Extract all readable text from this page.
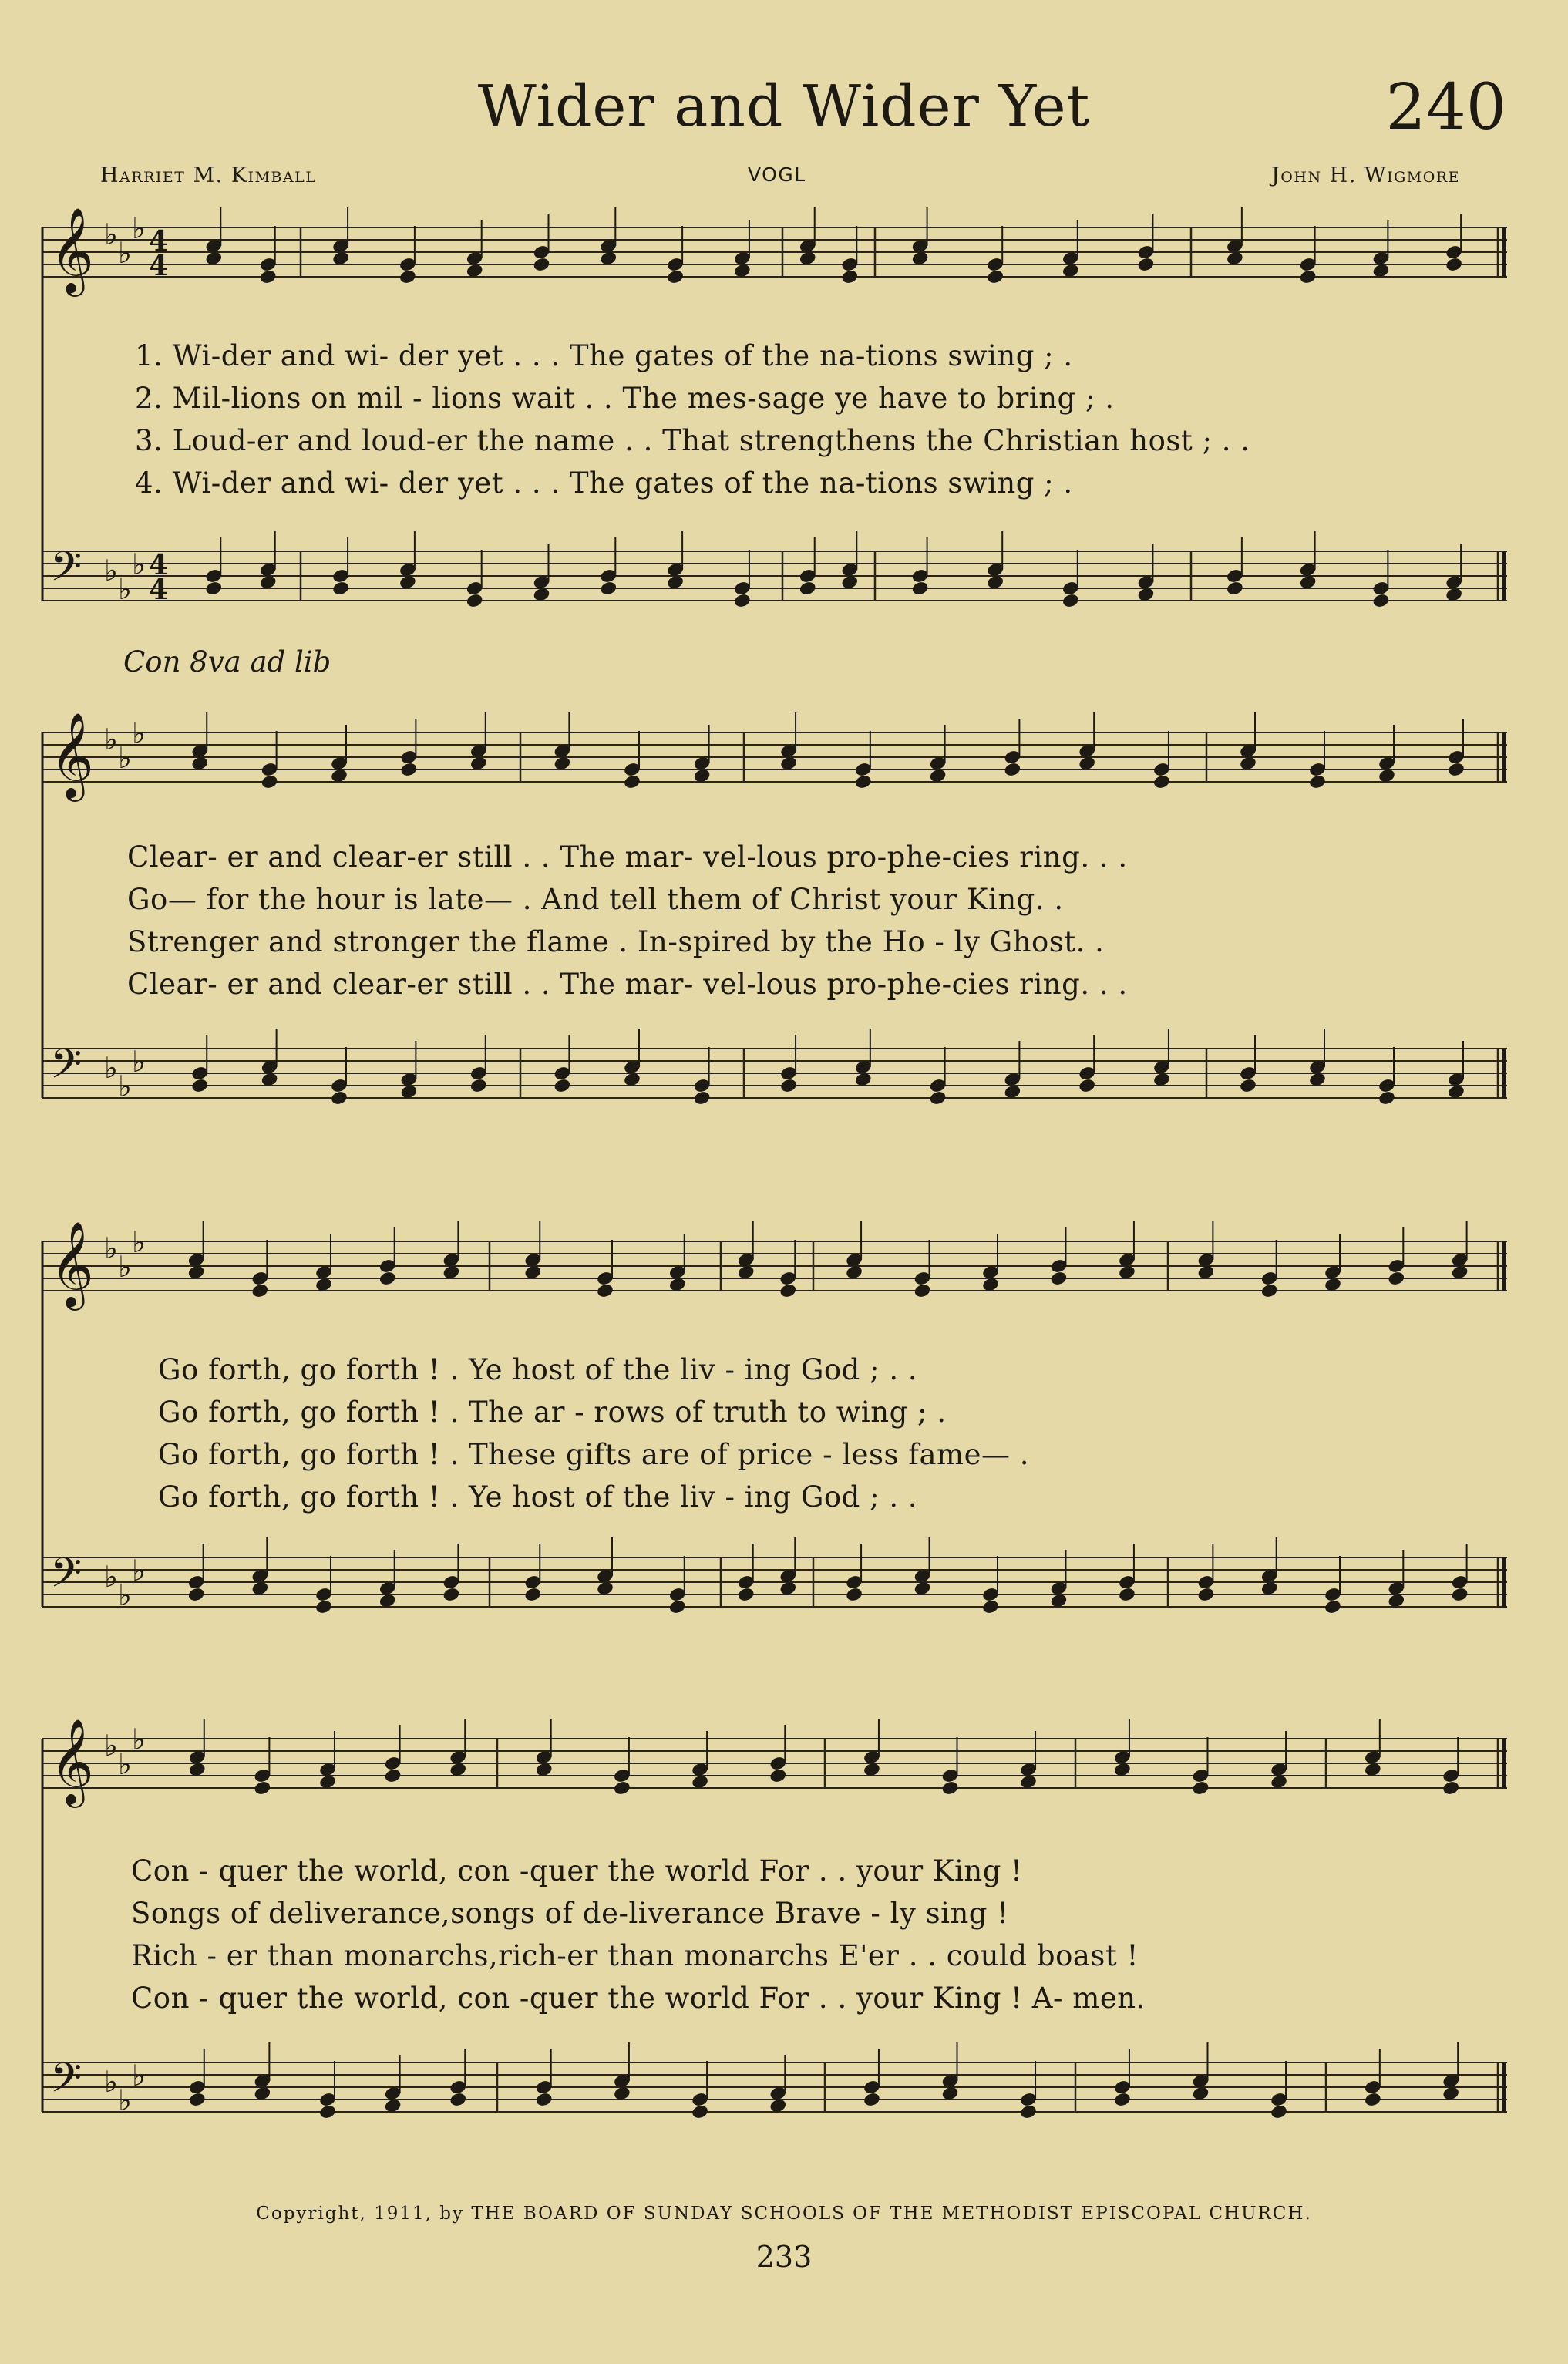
Wider and Wider Yet	240
Harriet M. Kimball	VOGL	John H. Wigmore
𝄞 ♭
♭
♭ 4
4
𝄢 ♭
♭
♭ 4
4
1. Wi-der and wi- der yet . . . The gates of the na-tions swing ; .
2. Mil-lions on mil - lions wait . . The mes-sage ye have to bring ; .
3. Loud-er and loud-er the name . . That strengthens the Christian host ; . .
4. Wi-der and wi- der yet . . . The gates of the na-tions swing ; .
Con 8va ad lib
𝄞 ♭
♭
♭
𝄢 ♭
♭
♭
Clear- er and clear-er still . . The mar- vel-lous pro-phe-cies ring. . .
Go— for the hour is late— . And tell them of Christ your King. .
Strenger and stronger the flame . In-spired by the Ho - ly Ghost. .
Clear- er and clear-er still . . The mar- vel-lous pro-phe-cies ring. . .
𝄞 ♭
♭
♭
𝄢 ♭
♭
♭
Go forth, go forth ! . Ye host of the liv - ing God ; . .
Go forth, go forth ! . The ar - rows of truth to wing ; .
Go forth, go forth ! . These gifts are of price - less fame— .
Go forth, go forth ! . Ye host of the liv - ing God ; . .
𝄞 ♭
♭
♭
𝄢 ♭
♭
♭
Con - quer the world, con -quer the world For . . your King !
Songs of deliverance,songs of de-liverance Brave - ly sing !
Rich - er than monarchs,rich-er than monarchs E'er . . could boast !
Con - quer the world, con -quer the world For . . your King ! A- men.
Copyright, 1911, by THE BOARD OF SUNDAY SCHOOLS OF THE METHODIST EPISCOPAL CHURCH.
233
